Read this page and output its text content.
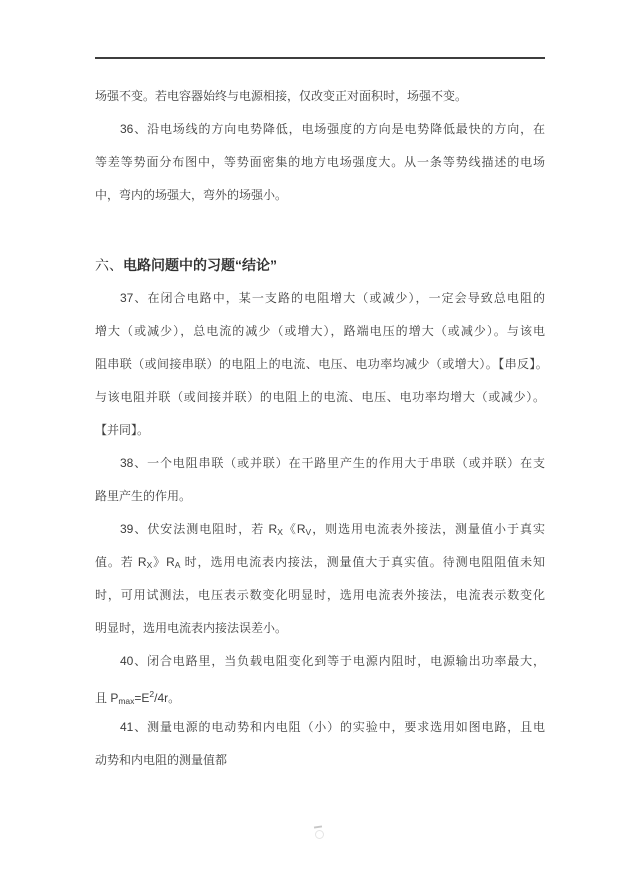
场强不变。若电容器始终与电源相接，仅改变正对面积时，场强不变。
36、沿电场线的方向电势降低，电场强度的方向是电势降低最快的方向，在
等差等势面分布图中，等势面密集的地方电场强度大。从一条等势线描述的电场
中，弯内的场强大，弯外的场强小。
六、电路问题中的习题“结论”
37、在闭合电路中，某一支路的电阻增大（或减少），一定会导致总电阻的
增大（或减少），总电流的减少（或增大），路端电压的增大（或减少）。与该电
阻串联（或间接串联）的电阻上的电流、电压、电功率均减少（或增大）。【串反】。
与该电阻并联（或间接并联）的电阻上的电流、电压、电功率均增大（或减少）。
【并同】。
38、一个电阻串联（或并联）在干路里产生的作用大于串联（或并联）在支
路里产生的作用。
39、伏安法测电阻时，若 RX《RV，则选用电流表外接法，测量值小于真实
值。若 RX》RA 时，选用电流表内接法，测量值大于真实值。待测电阻阻值未知
时，可用试测法，电压表示数变化明显时，选用电流表外接法，电流表示数变化
明显时，选用电流表内接法误差小。
40、闭合电路里，当负载电阻变化到等于电源内阻时，电源输出功率最大，
且 $Pmax=E^2/4r$。
41、测量电源的电动势和内电阻（小）的实验中，要求选用如图电路，且电
动势和内电阻的测量值都
